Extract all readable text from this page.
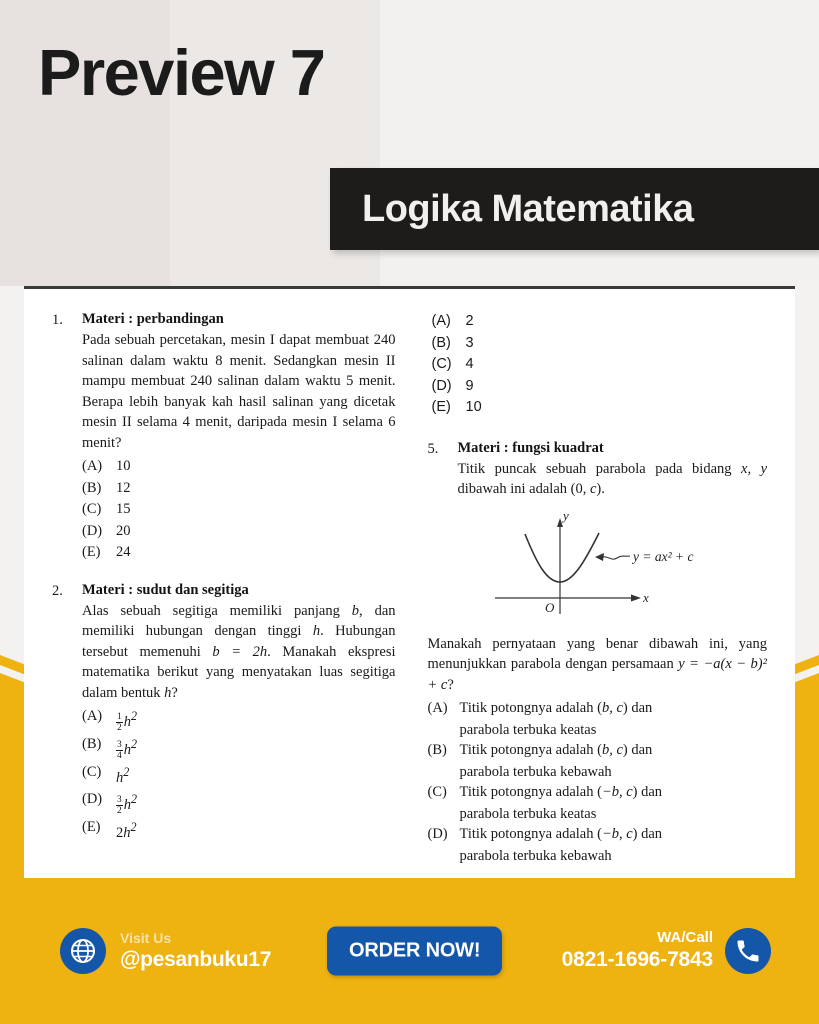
Preview 7
Logika Matematika
1.	Materi : perbandingan
Pada sebuah percetakan, mesin I dapat membuat 240 salinan dalam waktu 8 menit. Sedangkan mesin II mampu membuat 240 salinan dalam waktu 5 menit. Berapa lebih banyak kah hasil salinan yang dicetak mesin II selama 4 menit, daripada mesin I selama 6 menit?
(A) 10
(B)	12
(C)	15
(D) 20
(E)	24
2.	Materi : sudut dan segitiga
Alas sebuah segitiga memiliki panjang b, dan memiliki hubungan dengan tinggi h. Hubungan tersebut memenuhi b = 2h. Manakah ekspresi matematika berikut yang menyatakan luas segitiga dalam bentuk h?
(A)	$\frac{1}{2} h^2$
(B)	$\frac{3}{4} h^2$
(C)	$h^2$
(D)	$\frac{3}{2} h^2$
(E)	$2h^2$
(A)	2
(B)	3
(C) 4
(D) 9
(E)	10
5.	Materi : fungsi kuadrat
Titik puncak sebuah parabola pada bidang x, y dibawah ini adalah (0, c).
y
x
O
y = ax² + c
Manakah pernyataan yang benar dibawah ini, yang menunjukkan parabola dengan persamaan y = −a(x − b)² + c?
(A) Titik potongnya adalah (b, c) dan
parabola terbuka keatas
(B) Titik potongnya adalah (b, c) dan
parabola terbuka kebawah
(C) Titik potongnya adalah (−b, c) dan
parabola terbuka keatas
(D) Titik potongnya adalah (−b, c) dan
parabola terbuka kebawah
Visit Us
@pesanbuku17	ORDER NOW!
WA/Call
0821-1696-7843
